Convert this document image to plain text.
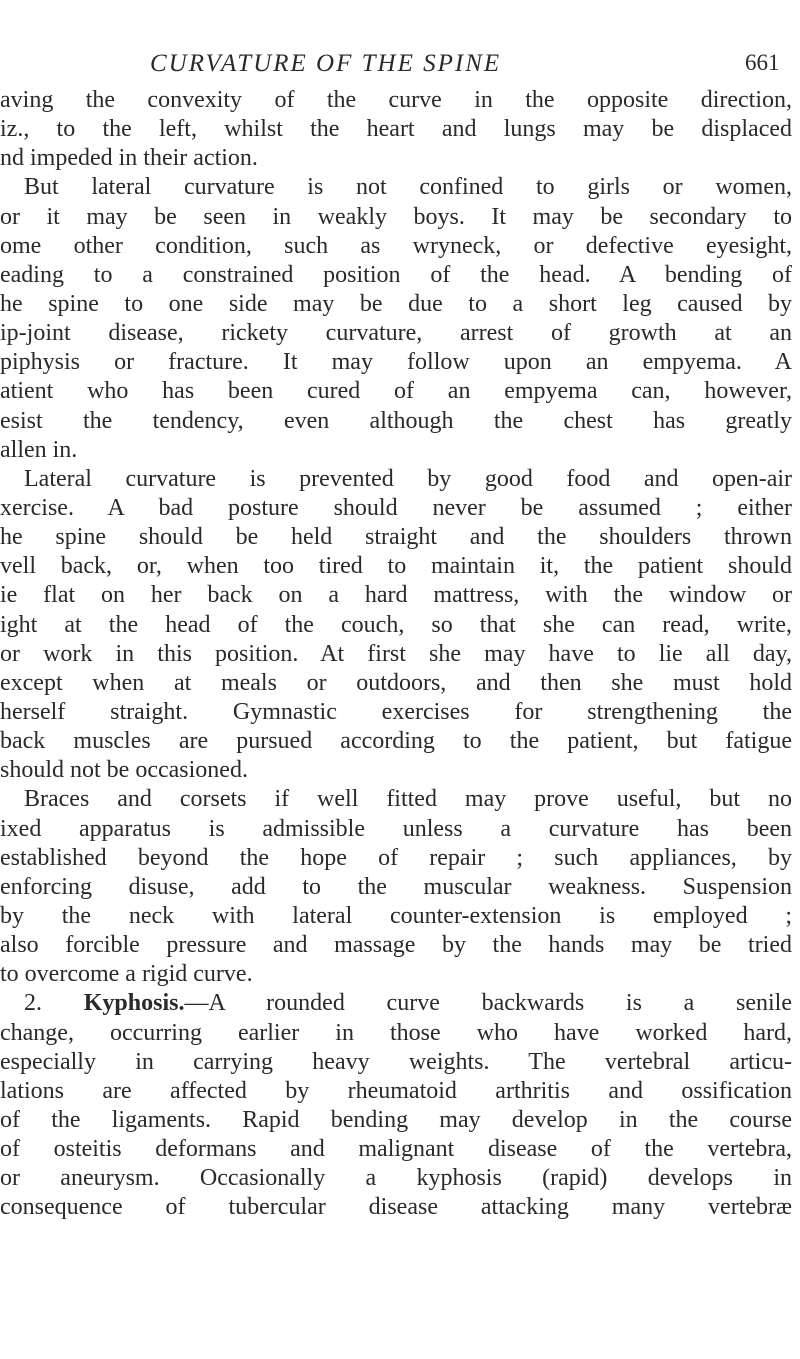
CURVATURE OF THE SPINE	661
aving the convexity of the curve in the opposite direction,
iz., to the left, whilst the heart and lungs may be displaced
nd impeded in their action.
But lateral curvature is not confined to girls or women,
or it may be seen in weakly boys. It may be secondary to
ome other condition, such as wryneck, or defective eyesight,
eading to a constrained position of the head. A bending of
he spine to one side may be due to a short leg caused by
ip-joint disease, rickety curvature, arrest of growth at an
piphysis or fracture. It may follow upon an empyema. A
atient who has been cured of an empyema can, however,
esist the tendency, even although the chest has greatly
allen in.
Lateral curvature is prevented by good food and open-air
xercise. A bad posture should never be assumed ; either
he spine should be held straight and the shoulders thrown
vell back, or, when too tired to maintain it, the patient should
ie flat on her back on a hard mattress, with the window or
ight at the head of the couch, so that she can read, write,
or work in this position. At first she may have to lie all day,
except when at meals or outdoors, and then she must hold
herself straight. Gymnastic exercises for strengthening the
back muscles are pursued according to the patient, but fatigue
should not be occasioned.
Braces and corsets if well fitted may prove useful, but no
ixed apparatus is admissible unless a curvature has been
established beyond the hope of repair ; such appliances, by
enforcing disuse, add to the muscular weakness. Suspension
by the neck with lateral counter-extension is employed ;
also forcible pressure and massage by the hands may be tried
to overcome a rigid curve.
2. Kyphosis.—A rounded curve backwards is a senile
change, occurring earlier in those who have worked hard,
especially in carrying heavy weights. The vertebral articu-
lations are affected by rheumatoid arthritis and ossification
of the ligaments. Rapid bending may develop in the course
of osteitis deformans and malignant disease of the vertebra,
or aneurysm. Occasionally a kyphosis (rapid) develops in
consequence of tubercular disease attacking many vertebræ
